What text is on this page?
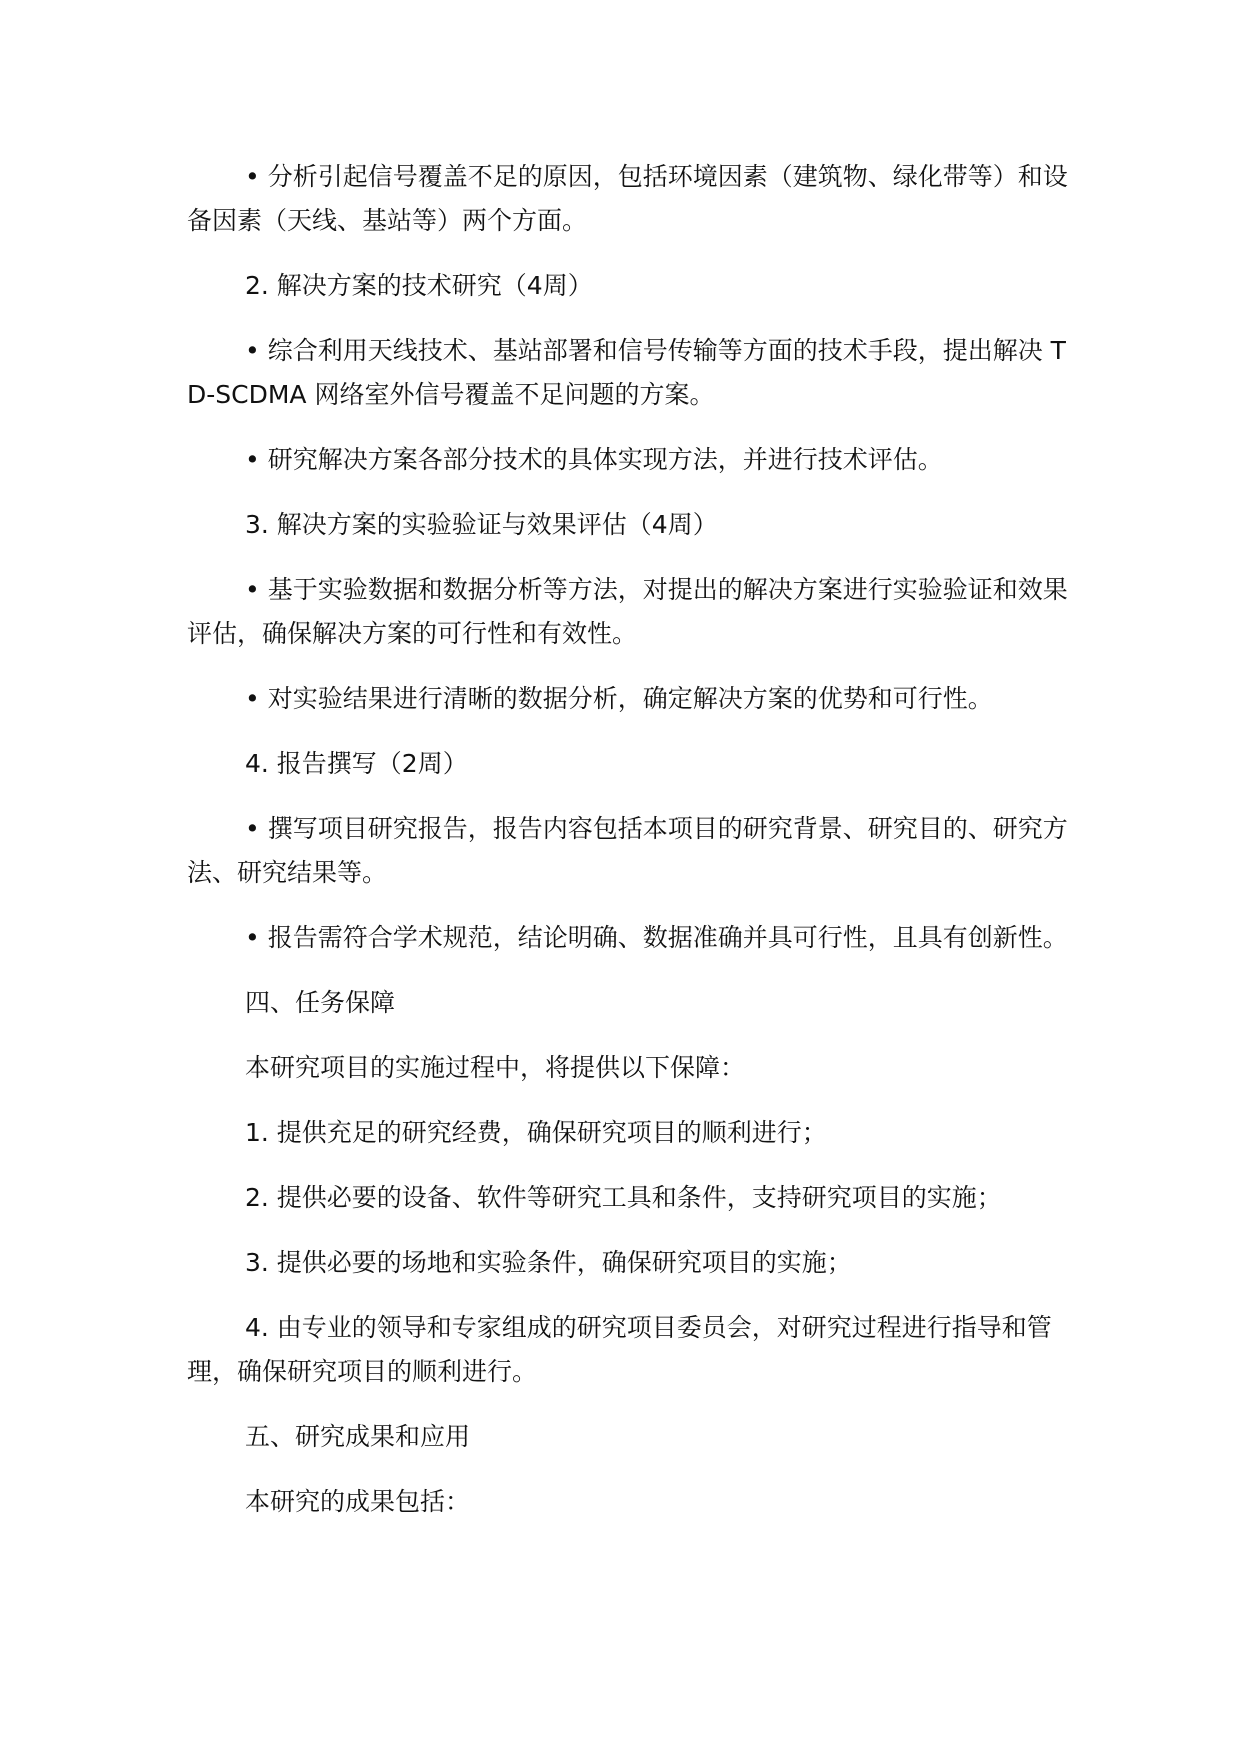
• 分析引起信号覆盖不足的原因，包括环境因素（建筑物、绿化带等）和设备因素（天线、基站等）两个方面。

2. 解决方案的技术研究（4周）

• 综合利用天线技术、基站部署和信号传输等方面的技术手段，提出解决 TD-SCDMA 网络室外信号覆盖不足问题的方案。

• 研究解决方案各部分技术的具体实现方法，并进行技术评估。

3. 解决方案的实验验证与效果评估（4周）

• 基于实验数据和数据分析等方法，对提出的解决方案进行实验验证和效果评估，确保解决方案的可行性和有效性。

• 对实验结果进行清晰的数据分析，确定解决方案的优势和可行性。

4. 报告撰写（2周）

• 撰写项目研究报告，报告内容包括本项目的研究背景、研究目的、研究方法、研究结果等。

• 报告需符合学术规范，结论明确、数据准确并具可行性，且具有创新性。

四、任务保障

本研究项目的实施过程中，将提供以下保障：

1. 提供充足的研究经费，确保研究项目的顺利进行；

2. 提供必要的设备、软件等研究工具和条件，支持研究项目的实施；

3. 提供必要的场地和实验条件，确保研究项目的实施；

4. 由专业的领导和专家组成的研究项目委员会，对研究过程进行指导和管理，确保研究项目的顺利进行。

五、研究成果和应用

本研究的成果包括：
